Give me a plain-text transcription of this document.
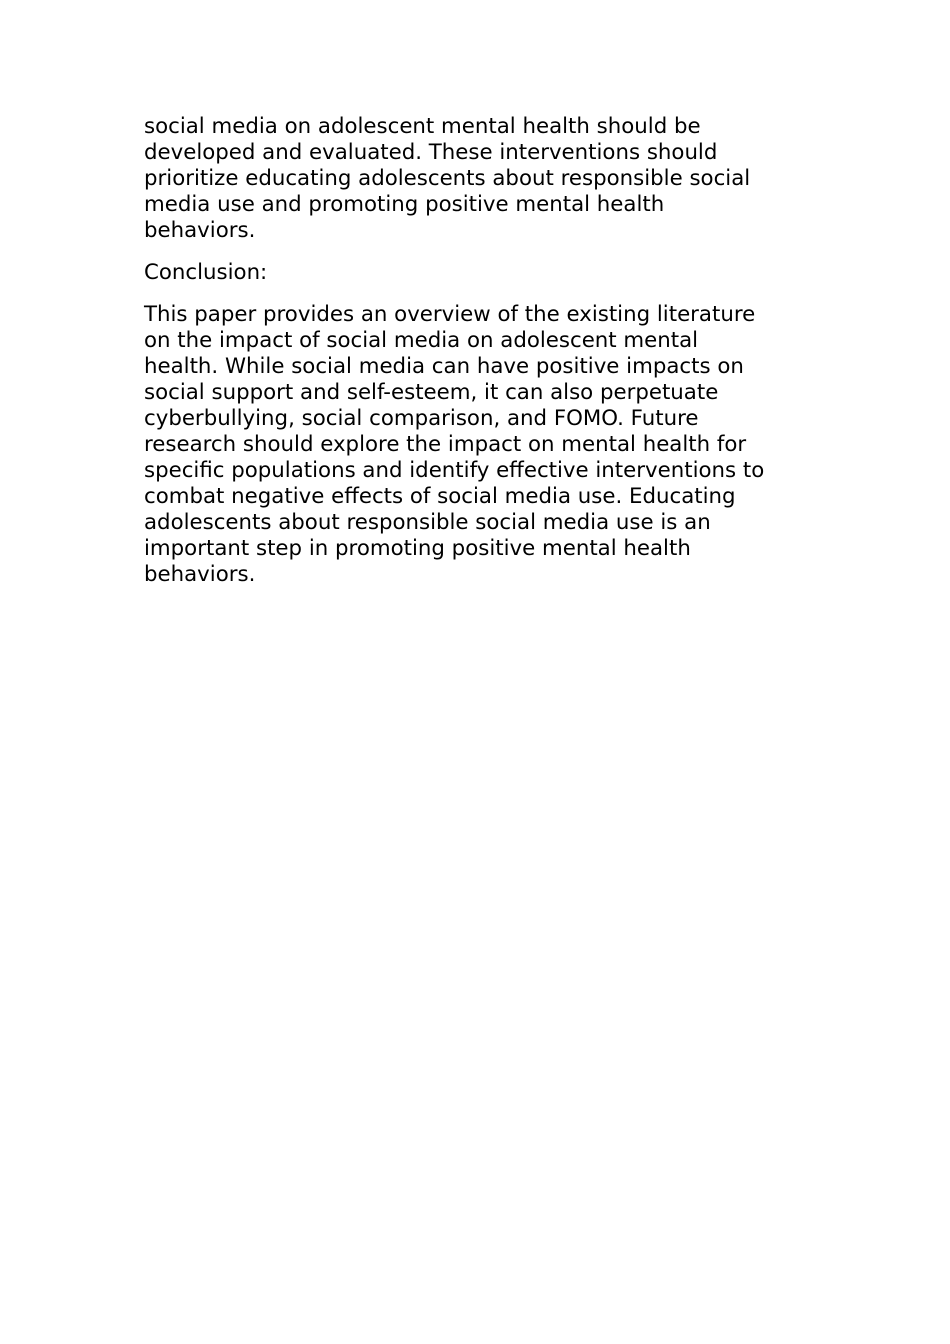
social media on adolescent mental health should be
developed and evaluated. These interventions should
prioritize educating adolescents about responsible social
media use and promoting positive mental health
behaviors.
Conclusion:
This paper provides an overview of the existing literature
on the impact of social media on adolescent mental
health. While social media can have positive impacts on
social support and self-esteem, it can also perpetuate
cyberbullying, social comparison, and FOMO. Future
research should explore the impact on mental health for
specific populations and identify effective interventions to
combat negative effects of social media use. Educating
adolescents about responsible social media use is an
important step in promoting positive mental health
behaviors.
